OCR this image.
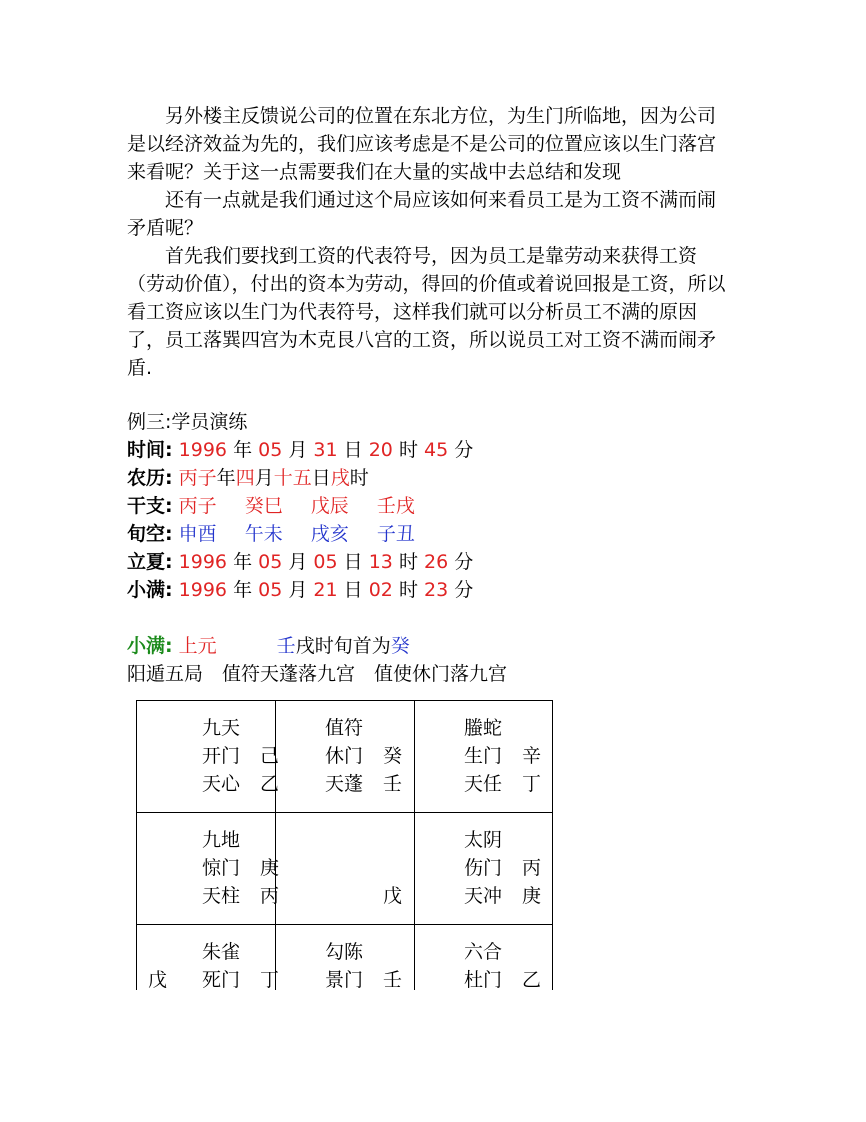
另外楼主反馈说公司的位置在东北方位，为生门所临地，因为公司是以经济效益为先的，我们应该考虑是不是公司的位置应该以生门落宫来看呢？关于这一点需要我们在大量的实战中去总结和发现

还有一点就是我们通过这个局应该如何来看员工是为工资不满而闹矛盾呢？

首先我们要找到工资的代表符号，因为员工是靠劳动来获得工资（劳动价值），付出的资本为劳动，得回的价值或着说回报是工资，所以看工资应该以生门为代表符号，这样我们就可以分析员工不满的原因了，员工落巽四宫为木克艮八宫的工资，所以说员工对工资不满而闹矛盾.

例三:学员演练
时间: 1996 年 05 月 31 日 20 时 45 分
农历: 丙子年四月十五日戌时
干支: 丙子 癸巳 戊辰 壬戌
旬空: 申酉 午未 戌亥 子丑
立夏: 1996 年 05 月 05 日 13 时 26 分
小满: 1996 年 05 月 21 日 02 时 23 分
小满: 上元	壬戌时旬首为癸
阳遁五局　值符天蓬落九宫　值使休门落九宫
九天
开门 己
天心 乙
值符
休门 癸
天蓬 壬
螣蛇
生门 辛
天任 丁
九地
惊门 庚
天柱 丙	戊
太阴
伤门 丙
天冲 庚
朱雀
戊 死门 丁
勾陈
景门 壬
六合
杜门 乙
